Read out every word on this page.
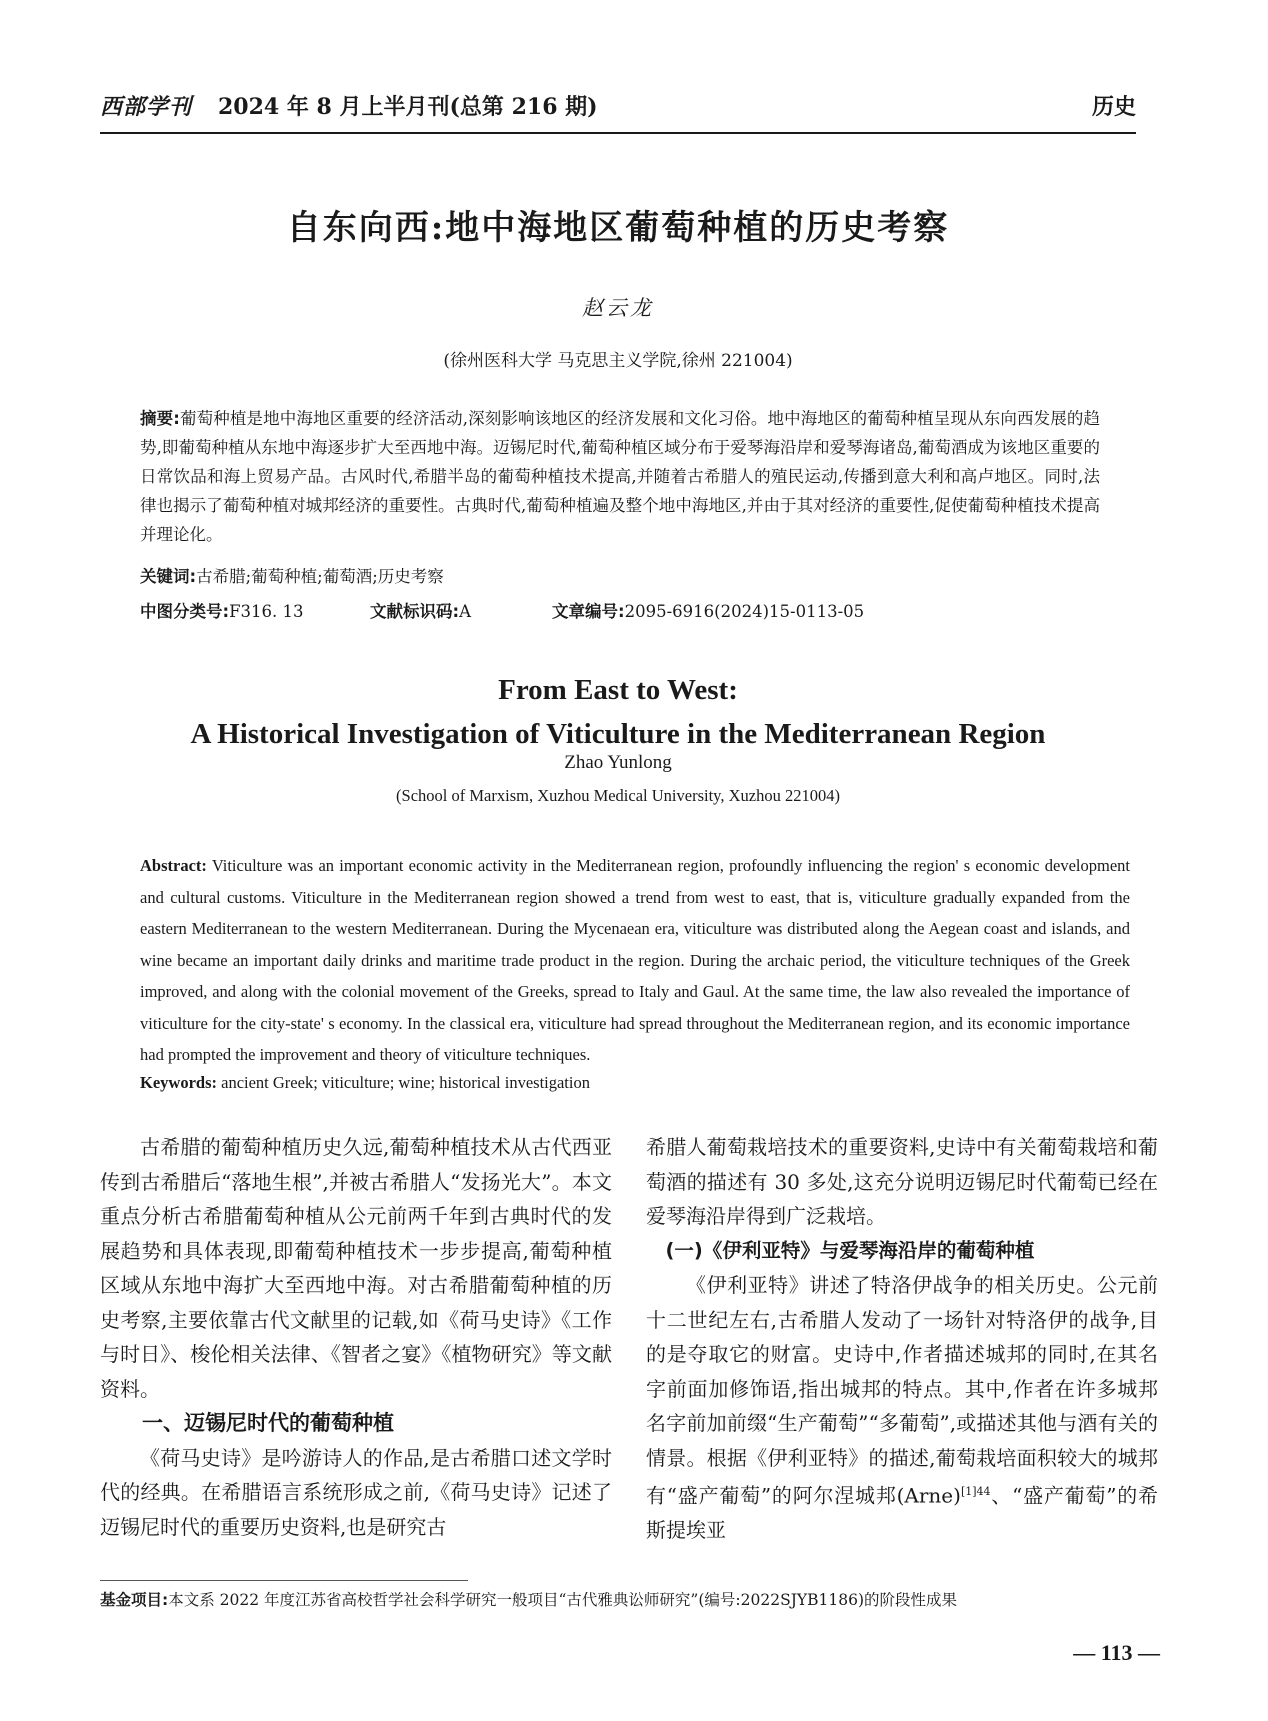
西部学刊 2024 年 8 月上半月刊(总第 216 期)	历史
自东向西:地中海地区葡萄种植的历史考察
赵云龙
(徐州医科大学 马克思主义学院,徐州 221004)
摘要:葡萄种植是地中海地区重要的经济活动,深刻影响该地区的经济发展和文化习俗。地中海地区的葡萄种植呈现从东向西发展的趋势,即葡萄种植从东地中海逐步扩大至西地中海。迈锡尼时代,葡萄种植区域分布于爱琴海沿岸和爱琴海诸岛,葡萄酒成为该地区重要的日常饮品和海上贸易产品。古风时代,希腊半岛的葡萄种植技术提高,并随着古希腊人的殖民运动,传播到意大利和高卢地区。同时,法律也揭示了葡萄种植对城邦经济的重要性。古典时代,葡萄种植遍及整个地中海地区,并由于其对经济的重要性,促使葡萄种植技术提高并理论化。
关键词:古希腊;葡萄种植;葡萄酒;历史考察
中图分类号:F316. 13	文献标识码:A	文章编号:2095-6916(2024)15-0113-05
From East to West:
A Historical Investigation of Viticulture in the Mediterranean Region
Zhao Yunlong
(School of Marxism, Xuzhou Medical University, Xuzhou 221004)
Abstract: Viticulture was an important economic activity in the Mediterranean region, profoundly influencing the region' s economic development and cultural customs. Viticulture in the Mediterranean region showed a trend from west to east, that is, viticulture gradually expanded from the eastern Mediterranean to the western Mediterranean. During the Mycenaean era, viticulture was distributed along the Aegean coast and islands, and wine became an important daily drinks and maritime trade product in the region. During the archaic period, the viticulture techniques of the Greek improved, and along with the colonial movement of the Greeks, spread to Italy and Gaul. At the same time, the law also revealed the importance of viticulture for the city-state' s economy. In the classical era, viticulture had spread throughout the Mediterranean region, and its economic importance had prompted the improvement and theory of viticulture techniques.
Keywords: ancient Greek; viticulture; wine; historical investigation

古希腊的葡萄种植历史久远,葡萄种植技术从古代西亚传到古希腊后“落地生根”,并被古希腊人“发扬光大”。本文重点分析古希腊葡萄种植从公元前两千年到古典时代的发展趋势和具体表现,即葡萄种植技术一步步提高,葡萄种植区域从东地中海扩大至西地中海。对古希腊葡萄种植的历史考察,主要依靠古代文献里的记载,如《荷马史诗》《工作与时日》、梭伦相关法律、《智者之宴》《植物研究》等文献资料。

一、迈锡尼时代的葡萄种植

《荷马史诗》是吟游诗人的作品,是古希腊口述文学时代的经典。在希腊语言系统形成之前,《荷马史诗》记述了迈锡尼时代的重要历史资料,也是研究古

希腊人葡萄栽培技术的重要资料,史诗中有关葡萄栽培和葡萄酒的描述有 30 多处,这充分说明迈锡尼时代葡萄已经在爱琴海沿岸得到广泛栽培。

(一)《伊利亚特》与爱琴海沿岸的葡萄种植

《伊利亚特》讲述了特洛伊战争的相关历史。公元前十二世纪左右,古希腊人发动了一场针对特洛伊的战争,目的是夺取它的财富。史诗中,作者描述城邦的同时,在其名字前面加修饰语,指出城邦的特点。其中,作者在许多城邦名字前加前缀“生产葡萄”“多葡萄”,或描述其他与酒有关的情景。根据《伊利亚特》的描述,葡萄栽培面积较大的城邦有“盛产葡萄”的阿尔涅城邦(Arne)$^{[1]44}$、“盛产葡萄”的希斯提埃亚

基金项目:本文系 2022 年度江苏省高校哲学社会科学研究一般项目“古代雅典讼师研究”(编号:2022SJYB1186)的阶段性成果
— 113 —
